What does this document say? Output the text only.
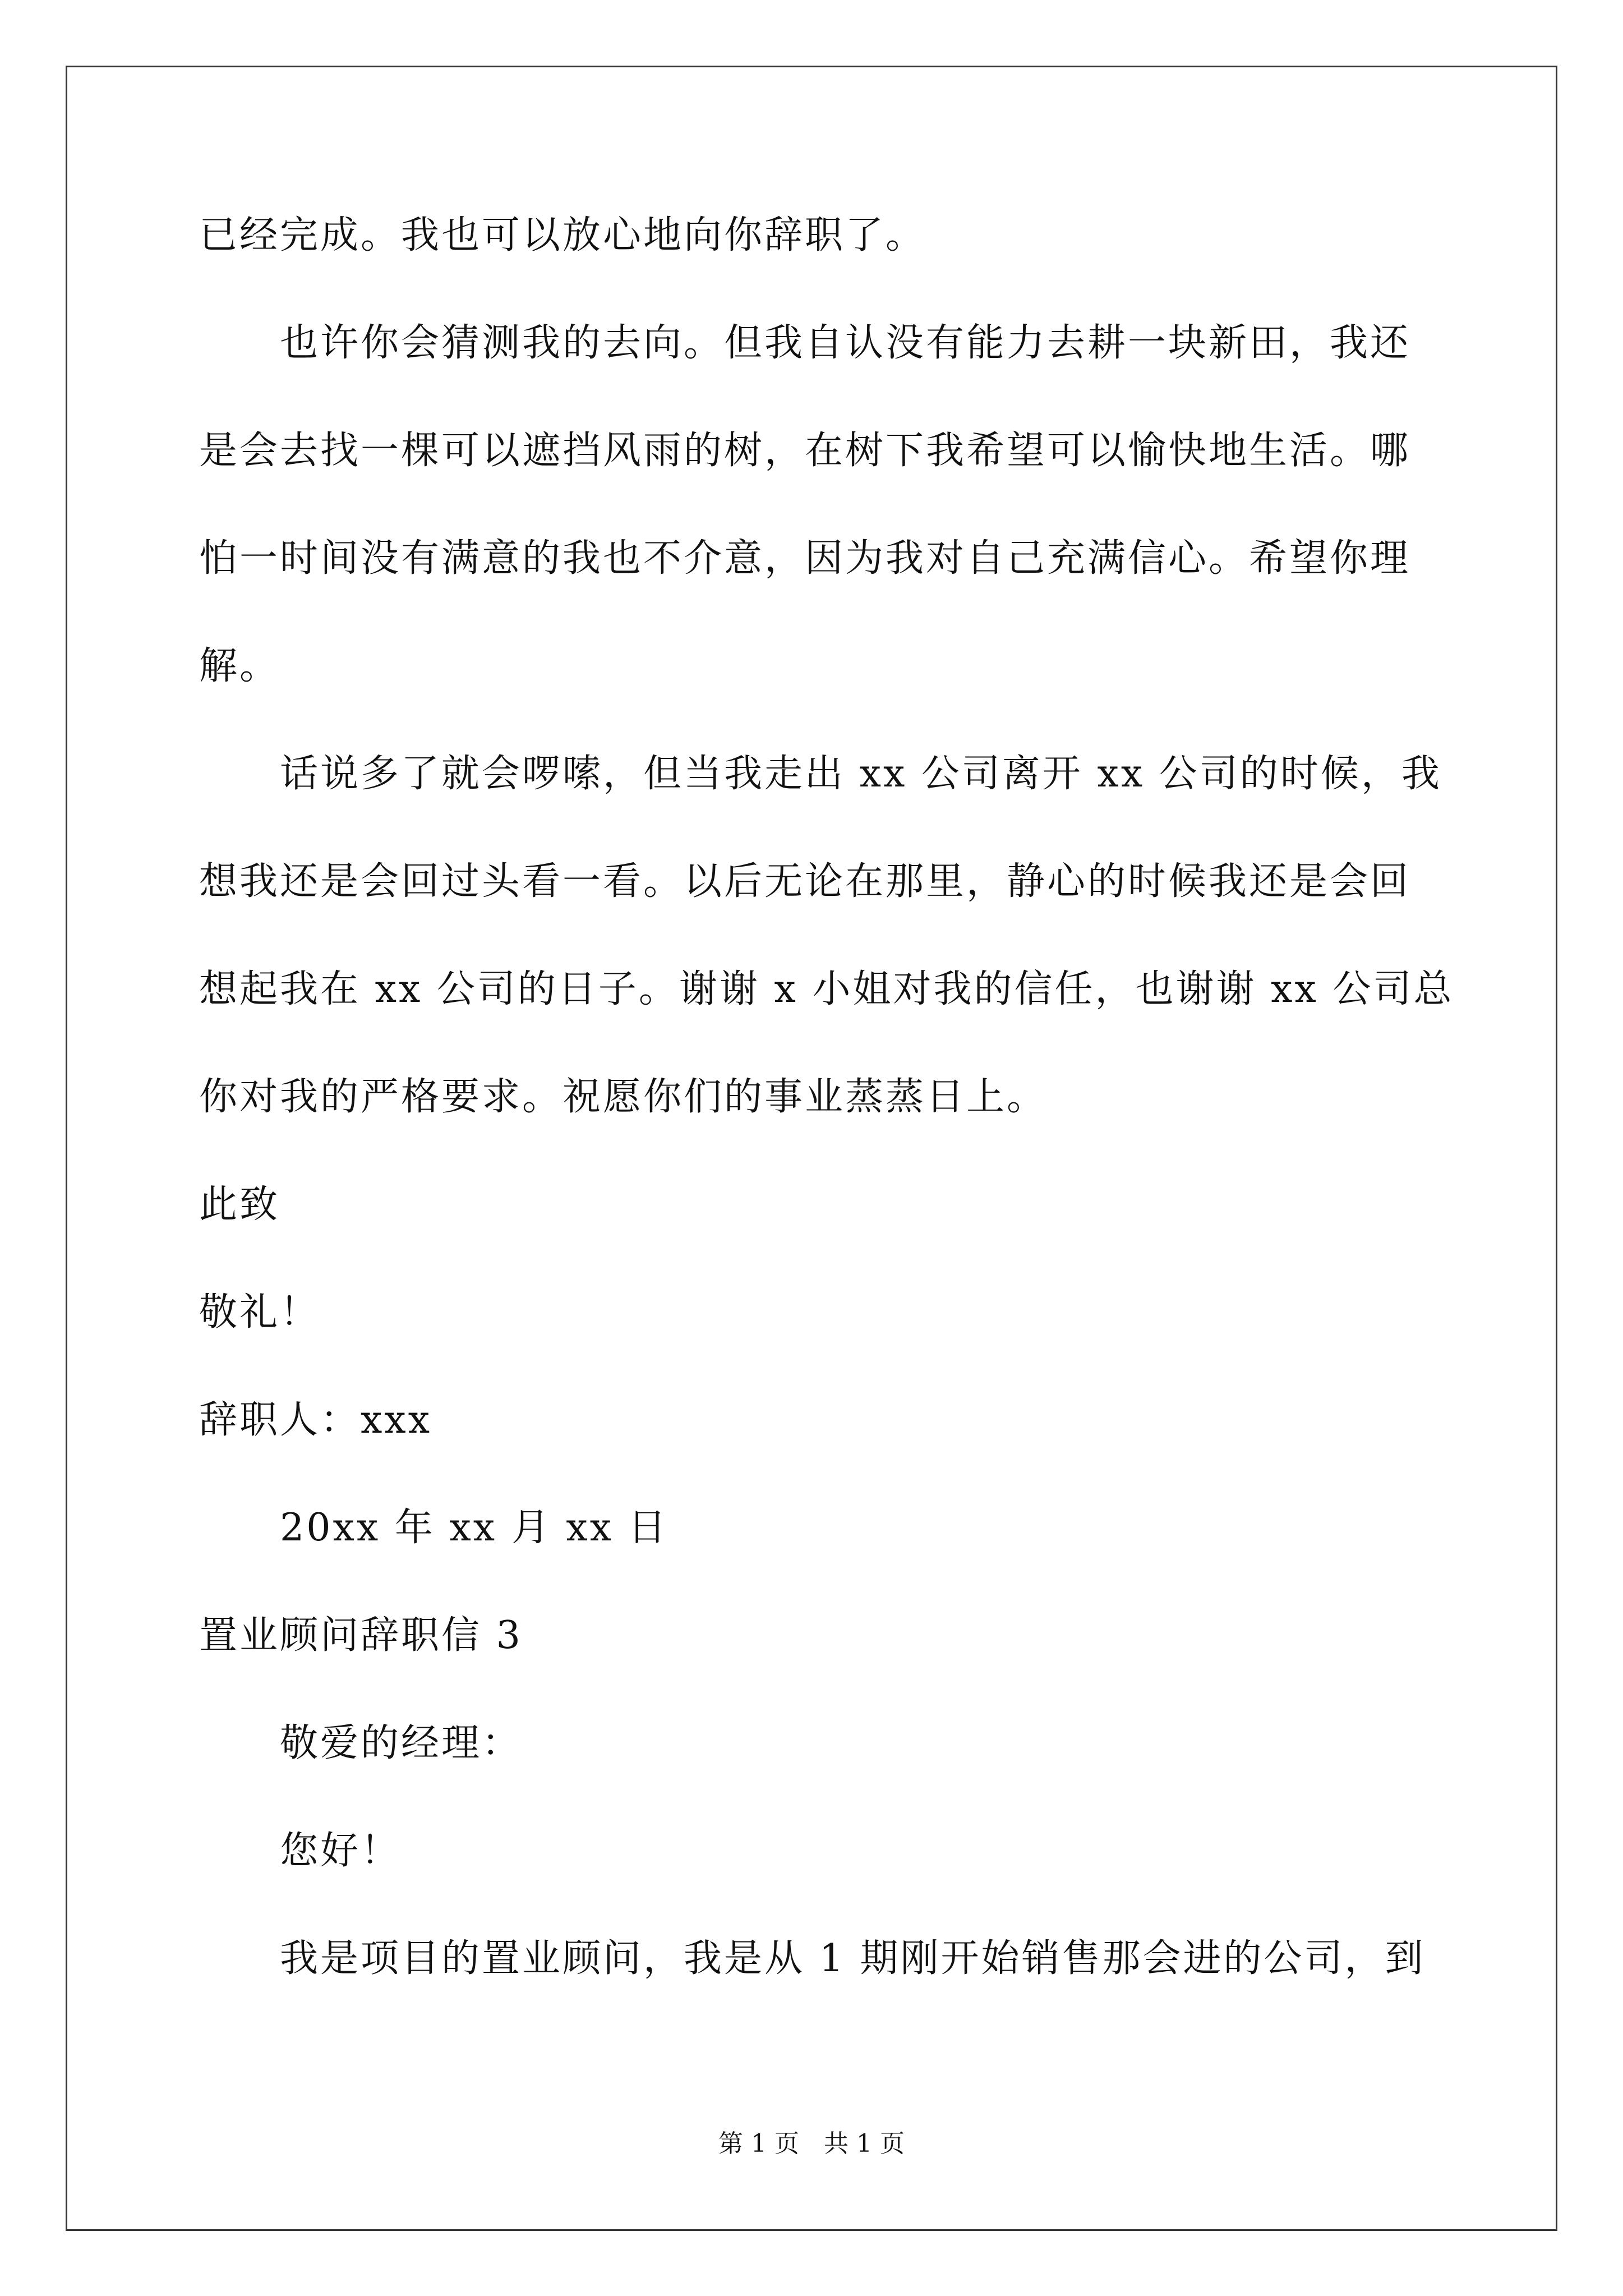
已经完成。我也可以放心地向你辞职了。
也许你会猜测我的去向。但我自认没有能力去耕一块新田，我还
是会去找一棵可以遮挡风雨的树，在树下我希望可以愉快地生活。哪
怕一时间没有满意的我也不介意，因为我对自己充满信心。希望你理
解。
话说多了就会啰嗦，但当我走出 xx 公司离开 xx 公司的时候，我
想我还是会回过头看一看。以后无论在那里，静心的时候我还是会回
想起我在 xx 公司的日子。谢谢 x 小姐对我的信任，也谢谢 xx 公司总
你对我的严格要求。祝愿你们的事业蒸蒸日上。
此致
敬礼！
辞职人：xxx
20xx 年 xx 月 xx 日
置业顾问辞职信 3
敬爱的经理：
您好！
我是项目的置业顾问，我是从 1 期刚开始销售那会进的公司，到
第 1 页　共 1 页
